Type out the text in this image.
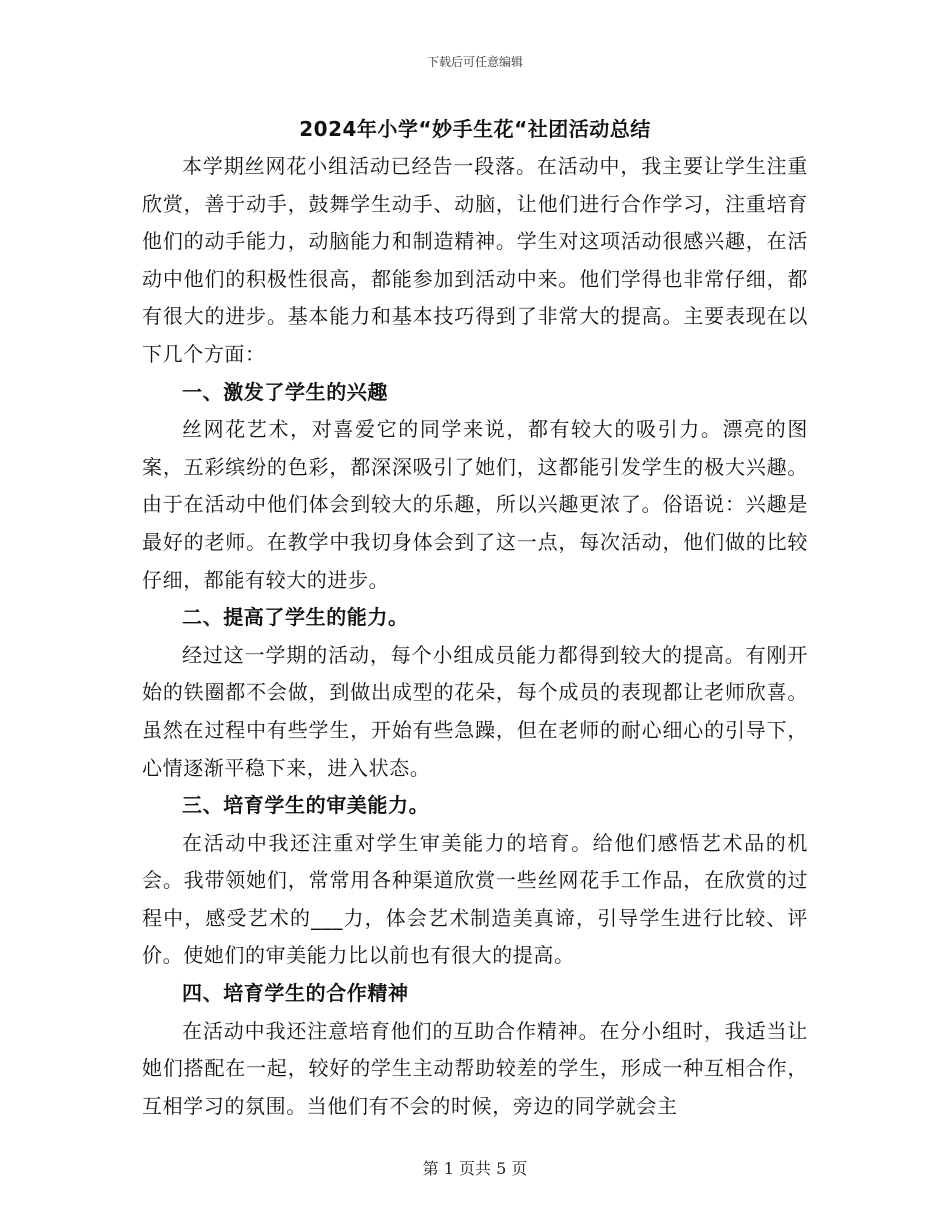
下载后可任意编辑
2024年小学“妙手生花“社团活动总结

本学期丝网花小组活动已经告一段落。在活动中，我主要让学生注重欣赏，善于动手，鼓舞学生动手、动脑，让他们进行合作学习，注重培育他们的动手能力，动脑能力和制造精神。学生对这项活动很感兴趣，在活动中他们的积极性很高，都能参加到活动中来。他们学得也非常仔细，都有很大的进步。基本能力和基本技巧得到了非常大的提高。主要表现在以下几个方面：

一、激发了学生的兴趣

丝网花艺术，对喜爱它的同学来说，都有较大的吸引力。漂亮的图案，五彩缤纷的色彩，都深深吸引了她们，这都能引发学生的极大兴趣。由于在活动中他们体会到较大的乐趣，所以兴趣更浓了。俗语说：兴趣是最好的老师。在教学中我切身体会到了这一点，每次活动，他们做的比较仔细，都能有较大的进步。

二、提高了学生的能力。

经过这一学期的活动，每个小组成员能力都得到较大的提高。有刚开始的铁圈都不会做，到做出成型的花朵，每个成员的表现都让老师欣喜。虽然在过程中有些学生，开始有些急躁，但在老师的耐心细心的引导下，心情逐渐平稳下来，进入状态。

三、培育学生的审美能力。

在活动中我还注重对学生审美能力的培育。给他们感悟艺术品的机会。我带领她们，常常用各种渠道欣赏一些丝网花手工作品，在欣赏的过程中，感受艺术的___力，体会艺术制造美真谛，引导学生进行比较、评价。使她们的审美能力比以前也有很大的提高。

四、培育学生的合作精神

在活动中我还注意培育他们的互助合作精神。在分小组时，我适当让她们搭配在一起，较好的学生主动帮助较差的学生，形成一种互相合作，互相学习的氛围。当他们有不会的时候，旁边的同学就会主

第 1 页共 5 页
